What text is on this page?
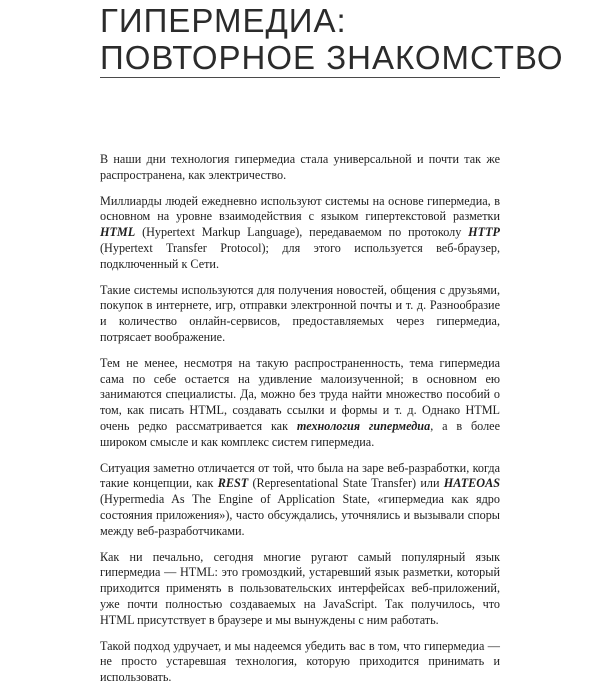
ГИПЕРМЕДИА:
ПОВТОРНОЕ ЗНАКОМСТВО

В наши дни технология гипермедиа стала универсальной и почти так же распространена, как электричество.

Миллиарды людей ежедневно используют системы на основе гипермедиа, в основном на уровне взаимодействия с языком гипертекстовой разметки HTML (Hypertext Markup Language), передаваемом по протоколу HTTP (Hypertext Transfer Protocol); для этого используется веб-браузер, подключенный к Сети.

Такие системы используются для получения новостей, общения с друзьями, покупок в интернете, игр, отправки электронной почты и т. д. Разнообразие и количество онлайн-сервисов, предоставляемых через гипермедиа, потрясает воображение.

Тем не менее, несмотря на такую распространенность, тема гипермедиа сама по себе остается на удивление малоизученной; в основном ею занимаются специалисты. Да, можно без труда найти множество пособий о том, как писать HTML, создавать ссылки и формы и т. д. Однако HTML очень редко рассматривается как технология гипермедиа, а в более широком смысле и как комплекс систем гипермедиа.

Ситуация заметно отличается от той, что была на заре веб-разработки, когда такие концепции, как REST (Representational State Transfer) или HATEOAS (Hypermedia As The Engine of Application State, «гипермедиа как ядро состояния приложения»), часто обсуждались, уточнялись и вызывали споры между веб-разработчиками.

Как ни печально, сегодня многие ругают самый популярный язык гипермедиа — HTML: это громоздкий, устаревший язык разметки, который приходится применять в пользовательских интерфейсах веб-приложений, уже почти полностью создаваемых на JavaScript. Так получилось, что HTML присутствует в браузере и мы вынуждены с ним работать.

Такой подход удручает, и мы надеемся убедить вас в том, что гипермедиа — не просто устаревшая технология, которую приходится принимать и использовать.
